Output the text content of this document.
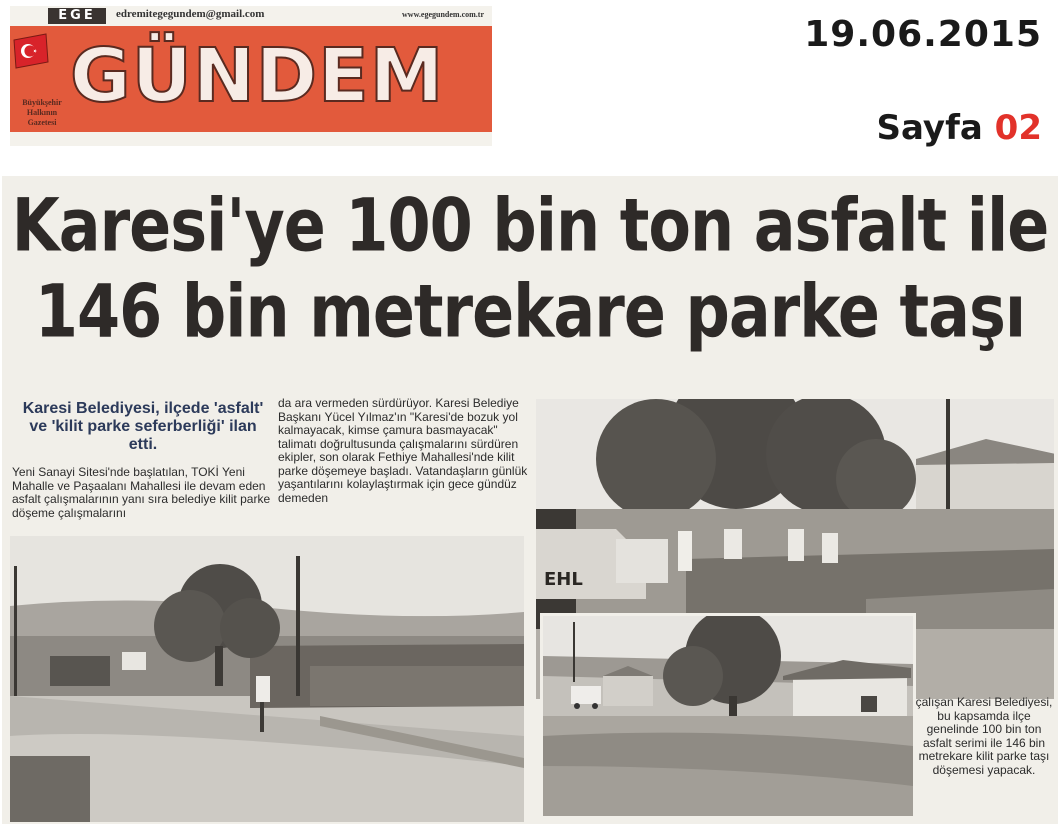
EGE	edremitegegundem@gmail.com	www.egegundem.com.tr
GÜNDEM
Büyükşehir
Halkının
Gazetesi
19.06.2015
Sayfa 02
Karesi'ye 100 bin ton asfalt ile
146 bin metrekare parke taşı
Karesi Belediyesi, ilçede 'asfalt' ve 'kilit parke seferberliği' ilan etti.
Yeni Sanayi Sitesi'nde başlatılan, TOKİ Yeni Mahalle ve Paşaalanı Mahallesi ile devam eden asfalt çalışmalarının yanı sıra belediye kilit parke döşeme çalışmalarını
da ara vermeden sürdürüyor. Karesi Belediye Başkanı Yücel Yılmaz'ın "Karesi'de bozuk yol kalmayacak, kimse çamura basmayacak" talimatı doğrultusunda çalışmalarını sürdüren ekipler, son olarak Fethiye Mahallesi'nde kilit parke döşemeye başladı. Vatandaşların günlük yaşantılarını kolaylaştırmak için gece gündüz demeden
EHL
çalışan Karesi Belediyesi, bu kapsamda ilçe genelinde 100 bin ton asfalt serimi ile 146 bin metrekare kilit parke taşı döşemesi yapacak.
